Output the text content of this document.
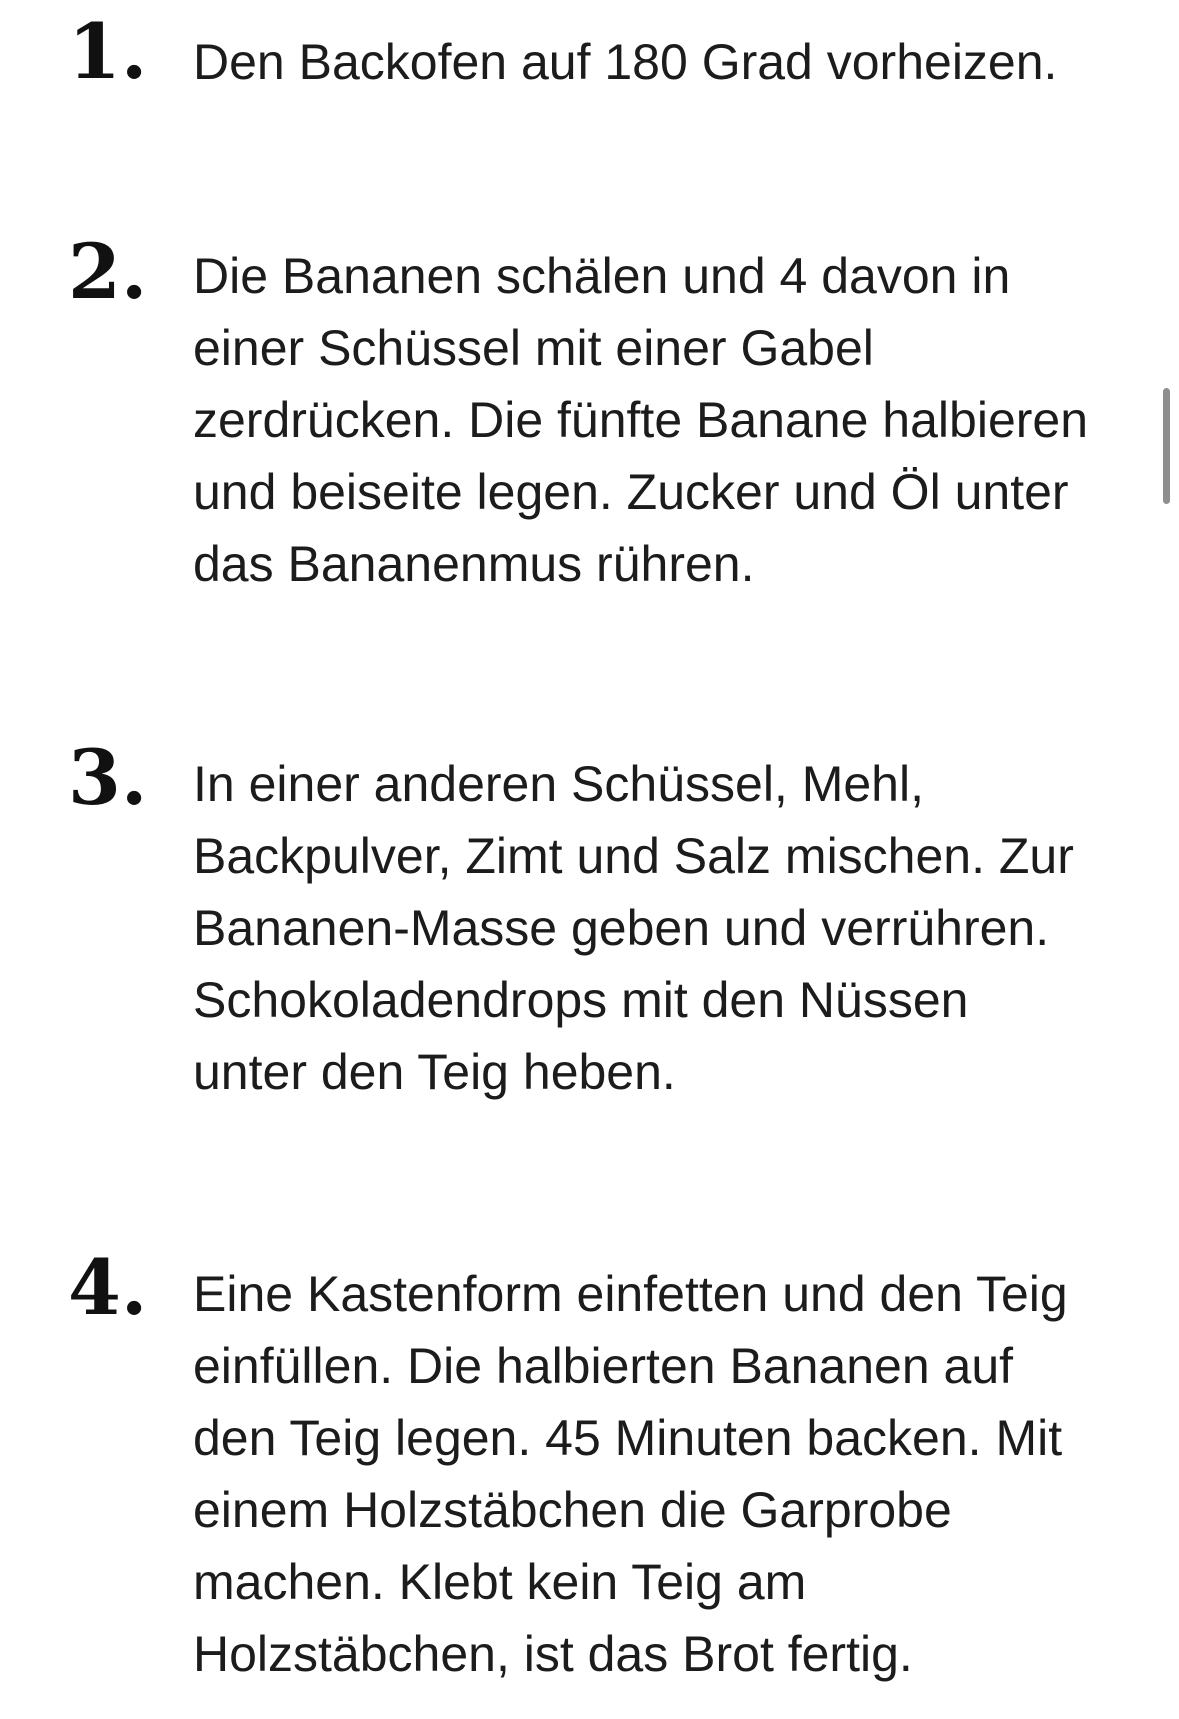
1. Den Backofen auf 180 Grad vorheizen.
2. Die Bananen schälen und 4 davon in
einer Schüssel mit einer Gabel
zerdrücken. Die fünfte Banane halbieren
und beiseite legen. Zucker und Öl unter
das Bananenmus rühren.
3. In einer anderen Schüssel, Mehl,
Backpulver, Zimt und Salz mischen. Zur
Bananen-Masse geben und verrühren.
Schokoladendrops mit den Nüssen
unter den Teig heben.
4. Eine Kastenform einfetten und den Teig
einfüllen. Die halbierten Bananen auf
den Teig legen. 45 Minuten backen. Mit
einem Holzstäbchen die Garprobe
machen. Klebt kein Teig am
Holzstäbchen, ist das Brot fertig.
